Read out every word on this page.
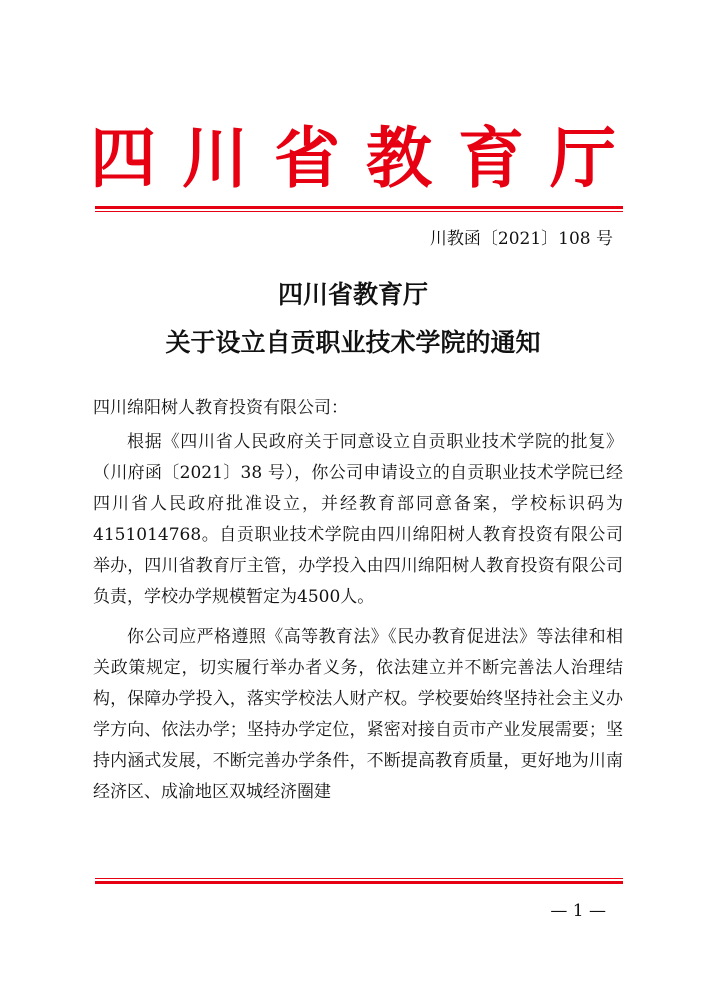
四川省教育厅
川教函〔2021〕108 号
四川省教育厅
关于设立自贡职业技术学院的通知

四川绵阳树人教育投资有限公司：

根据《四川省人民政府关于同意设立自贡职业技术学院的批复》（川府函〔2021〕38 号），你公司申请设立的自贡职业技术学院已经四川省人民政府批准设立，并经教育部同意备案，学校标识码为 4151014768。自贡职业技术学院由四川绵阳树人教育投资有限公司举办，四川省教育厅主管，办学投入由四川绵阳树人教育投资有限公司负责，学校办学规模暂定为4500人。

你公司应严格遵照《高等教育法》《民办教育促进法》等法律和相关政策规定，切实履行举办者义务，依法建立并不断完善法人治理结构，保障办学投入，落实学校法人财产权。学校要始终坚持社会主义办学方向、依法办学；坚持办学定位，紧密对接自贡市产业发展需要；坚持内涵式发展，不断完善办学条件，不断提高教育质量，更好地为川南经济区、成渝地区双城经济圈建

— 1 —
